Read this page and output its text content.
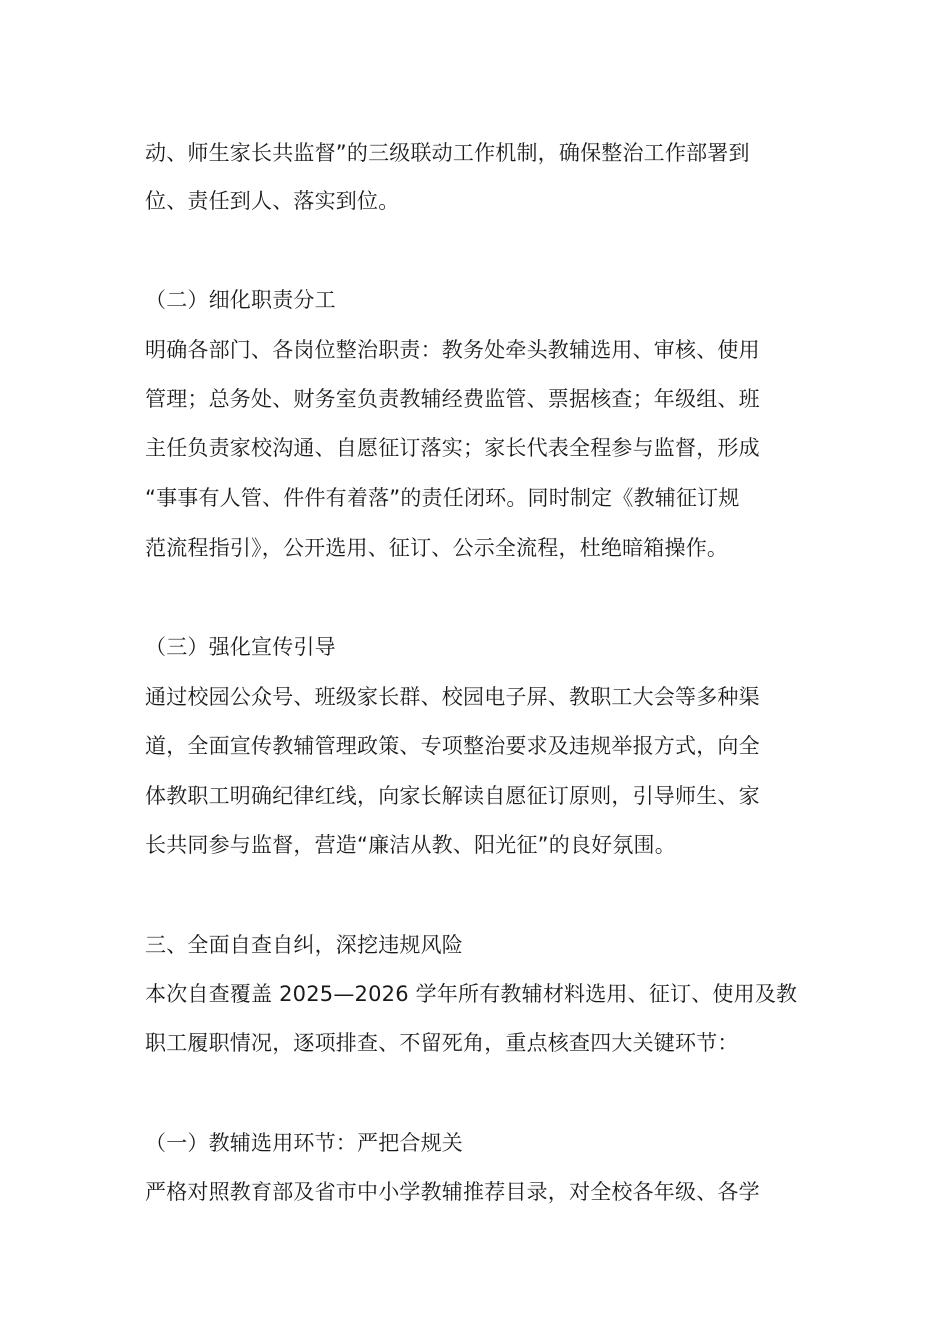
动、师生家长共监督”的三级联动工作机制，确保整治工作部署到
位、责任到人、落实到位。
（二）细化职责分工
明确各部门、各岗位整治职责：教务处牵头教辅选用、审核、使用
管理；总务处、财务室负责教辅经费监管、票据核查；年级组、班
主任负责家校沟通、自愿征订落实；家长代表全程参与监督，形成
“事事有人管、件件有着落”的责任闭环。同时制定《教辅征订规
范流程指引》，公开选用、征订、公示全流程，杜绝暗箱操作。
（三）强化宣传引导
通过校园公众号、班级家长群、校园电子屏、教职工大会等多种渠
道，全面宣传教辅管理政策、专项整治要求及违规举报方式，向全
体教职工明确纪律红线，向家长解读自愿征订原则，引导师生、家
长共同参与监督，营造“廉洁从教、阳光征”的良好氛围。
三、全面自查自纠，深挖违规风险
本次自查覆盖 2025—2026 学年所有教辅材料选用、征订、使用及教
职工履职情况，逐项排查、不留死角，重点核查四大关键环节：
（一）教辅选用环节：严把合规关
严格对照教育部及省市中小学教辅推荐目录，对全校各年级、各学
